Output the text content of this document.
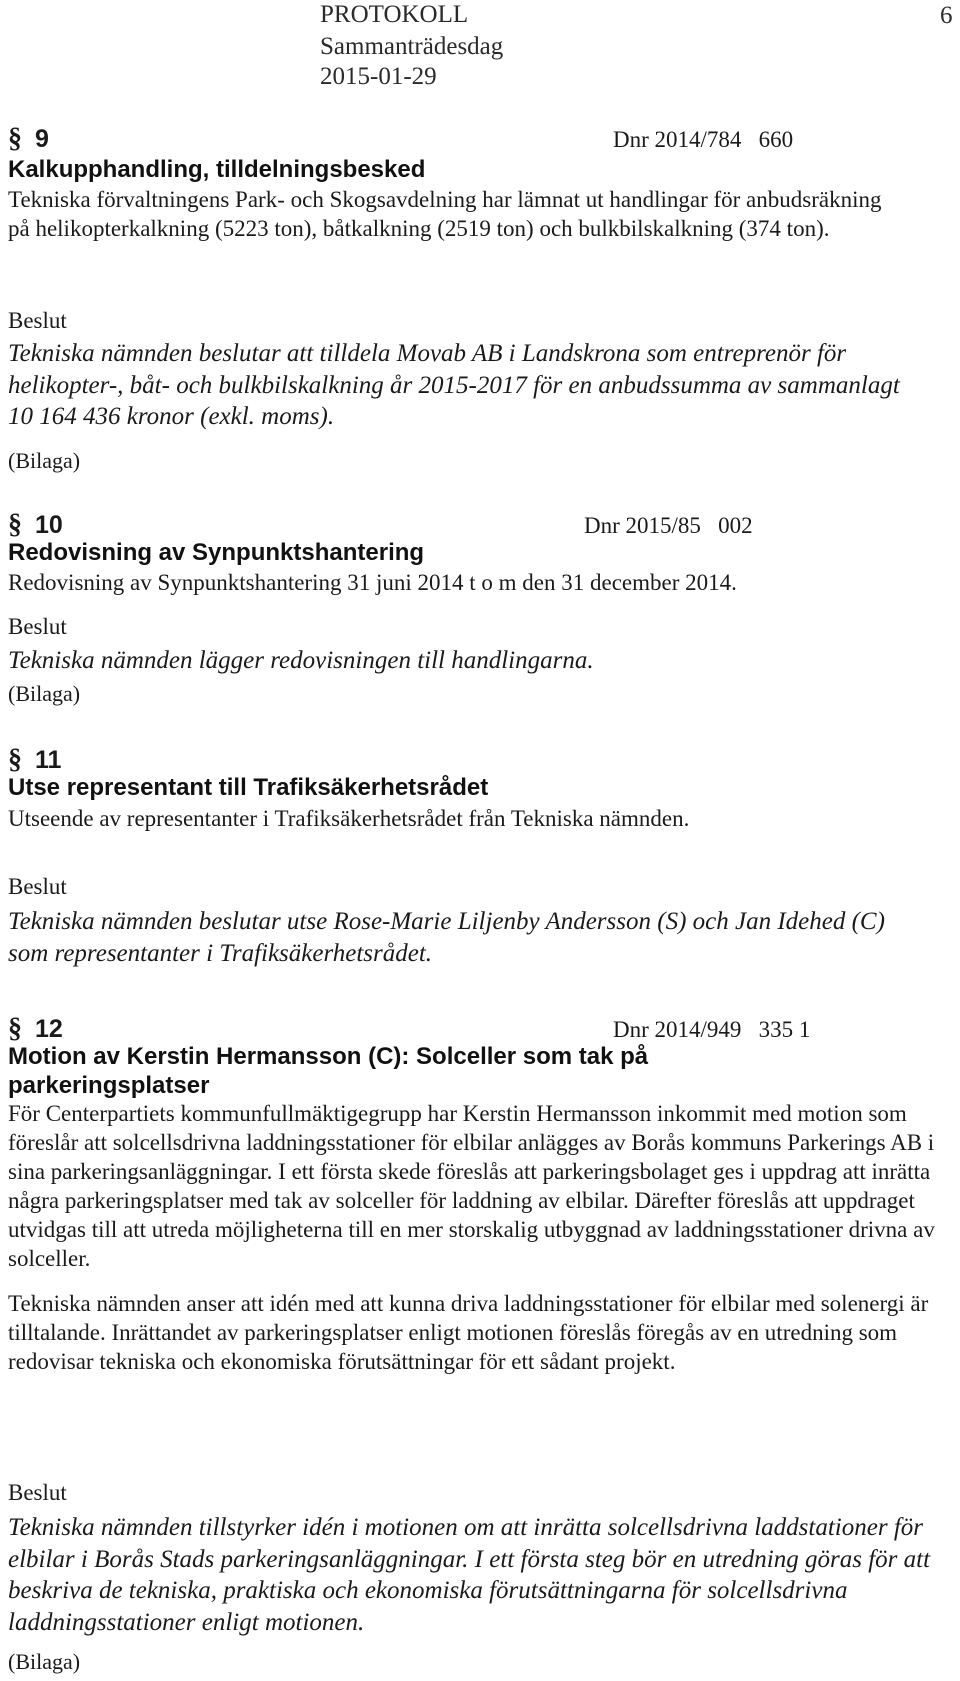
PROTOKOLL
Sammanträdesdag
2015-01-29
6
§ 9	Dnr 2014/784   660
Kalkupphandling, tilldelningsbesked
Tekniska förvaltningens Park- och Skogsavdelning har lämnat ut handlingar för anbudsräkning på helikopterkalkning (5223 ton), båtkalkning (2519 ton) och bulkbilskalkning (374 ton).
Beslut
Tekniska nämnden beslutar att tilldela Movab AB i Landskrona som entreprenör för helikopter-, båt- och bulkbilskalkning år 2015-2017 för en anbudssumma av sammanlagt 10 164 436 kronor (exkl. moms).
(Bilaga)
§ 10	Dnr 2015/85   002
Redovisning av Synpunktshantering
Redovisning av Synpunktshantering 31 juni 2014 t o m den 31 december 2014.
Beslut
Tekniska nämnden lägger redovisningen till handlingarna.
(Bilaga)
§ 11
Utse representant till Trafiksäkerhetsrådet
Utseende av representanter i Trafiksäkerhetsrådet från Tekniska nämnden.
Beslut
Tekniska nämnden beslutar utse Rose-Marie Liljenby Andersson (S) och Jan Idehed (C) som representanter i Trafiksäkerhetsrådet.
§ 12	Dnr 2014/949   335 1
Motion av Kerstin Hermansson (C): Solceller som tak på parkeringsplatser
För Centerpartiets kommunfullmäktigegrupp har Kerstin Hermansson inkommit med motion som föreslår att solcellsdrivna laddningsstationer för elbilar anlägges av Borås kommuns Parkerings AB i sina parkeringsanläggningar. I ett första skede föreslås att parkeringsbolaget ges i uppdrag att inrätta några parkeringsplatser med tak av solceller för laddning av elbilar. Därefter föreslås att uppdraget utvidgas till att utreda möjligheterna till en mer storskalig utbyggnad av laddningsstationer drivna av solceller.
Tekniska nämnden anser att idén med att kunna driva laddningsstationer för elbilar med solenergi är tilltalande. Inrättandet av parkeringsplatser enligt motionen föreslås föregås av en utredning som redovisar tekniska och ekonomiska förutsättningar för ett sådant projekt.
Beslut
Tekniska nämnden tillstyrker idén i motionen om att inrätta solcellsdrivna laddstationer för elbilar i Borås Stads parkeringsanläggningar. I ett första steg bör en utredning göras för att beskriva de tekniska, praktiska och ekonomiska förutsättningarna för solcellsdrivna laddningsstationer enligt motionen.
(Bilaga)
